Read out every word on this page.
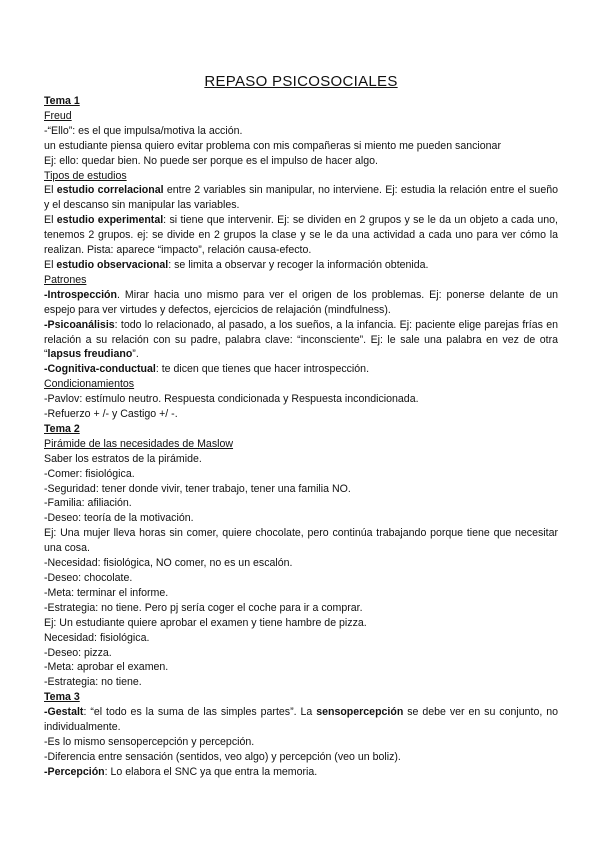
REPASO PSICOSOCIALES
Tema 1
Freud
-“Ello”: es el que impulsa/motiva la acción.
un estudiante piensa quiero evitar problema con mis compañeras si miento me pueden sancionar
Ej: ello: quedar bien. No puede ser porque es el impulso de hacer algo.
Tipos de estudios
El estudio correlacional entre 2 variables sin manipular, no interviene. Ej: estudia la relación entre el sueño y el descanso sin manipular las variables.
El estudio experimental: si tiene que intervenir. Ej: se dividen en 2 grupos y se le da un objeto a cada uno, tenemos 2 grupos. ej: se divide en 2 grupos la clase y se le da una actividad a cada uno para ver cómo la realizan. Pista: aparece “impacto”, relación causa-efecto.
El estudio observacional: se limita a observar y recoger la información obtenida.
Patrones
-Introspección. Mirar hacia uno mismo para ver el origen de los problemas. Ej: ponerse delante de un espejo para ver virtudes y defectos, ejercicios de relajación (mindfulness).
-Psicoanálisis: todo lo relacionado, al pasado, a los sueños, a la infancia. Ej: paciente elige parejas frías en relación a su relación con su padre, palabra clave: “inconsciente”. Ej: le sale una palabra en vez de otra “lapsus freudiano”.
-Cognitiva-conductual: te dicen que tienes que hacer introspección.
Condicionamientos
-Pavlov: estímulo neutro. Respuesta condicionada y Respuesta incondicionada.
-Refuerzo + /- y Castigo +/ -.
Tema 2
Pirámide de las necesidades de Maslow
Saber los estratos de la pirámide.
-Comer: fisiológica.
-Seguridad: tener donde vivir, tener trabajo, tener una familia NO.
-Familia: afiliación.
-Deseo: teoría de la motivación.
Ej: Una mujer lleva horas sin comer, quiere chocolate, pero continúa trabajando porque tiene que necesitar una cosa.
-Necesidad: fisiológica, NO comer, no es un escalón.
-Deseo: chocolate.
-Meta: terminar el informe.
-Estrategia: no tiene. Pero pj sería coger el coche para ir a comprar.
Ej: Un estudiante quiere aprobar el examen y tiene hambre de pizza.
Necesidad: fisiológica.
-Deseo: pizza.
-Meta: aprobar el examen.
-Estrategia: no tiene.
Tema 3
-Gestalt: “el todo es la suma de las simples partes”. La sensopercepción se debe ver en su conjunto, no individualmente.
-Es lo mismo sensopercepción y percepción.
-Diferencia entre sensación (sentidos, veo algo) y percepción (veo un boliz).
-Percepción: Lo elabora el SNC ya que entra la memoria.
